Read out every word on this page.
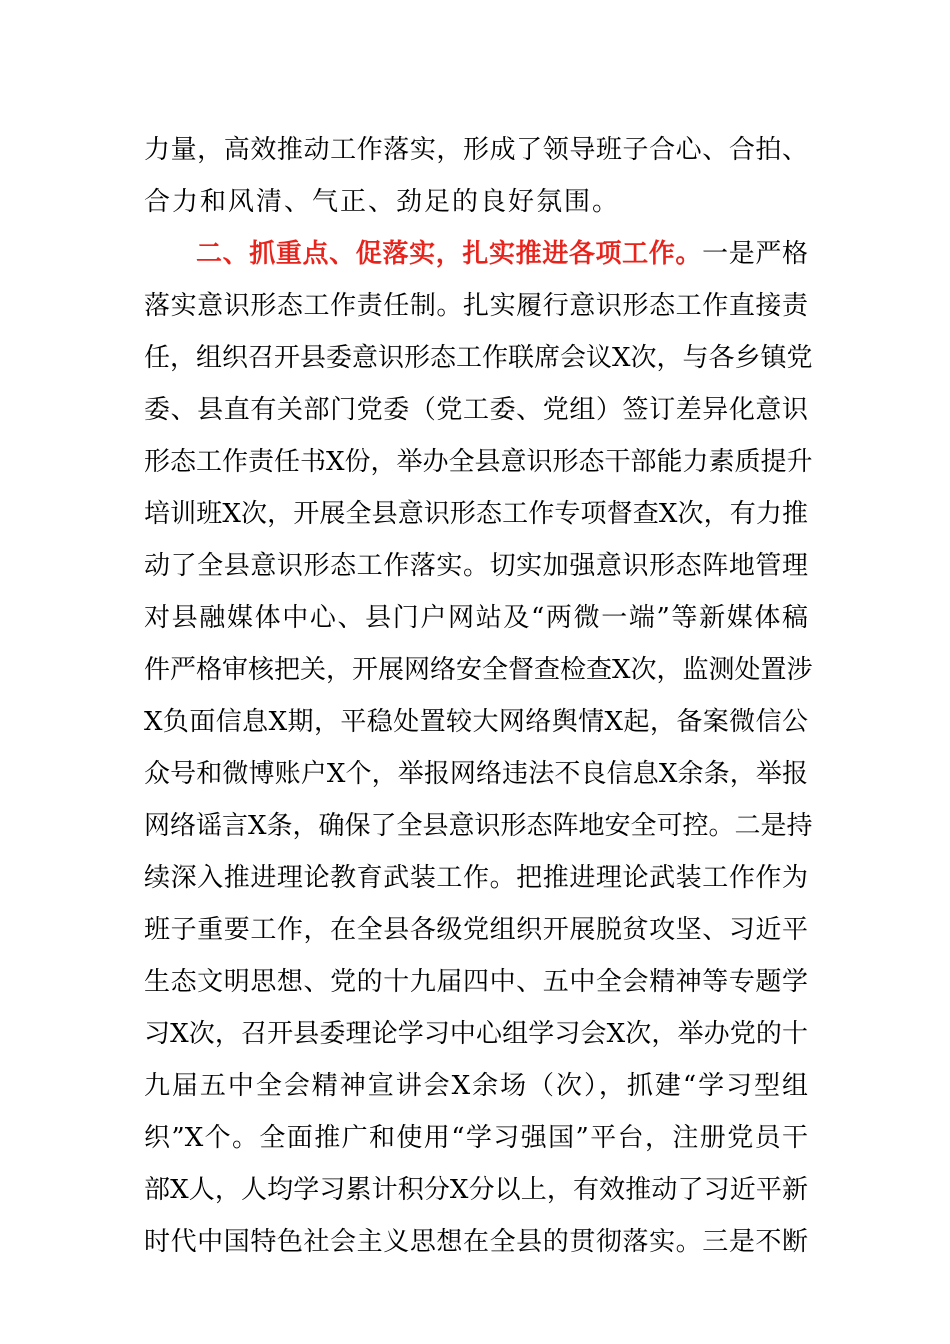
力量，高效推动工作落实，形成了领导班子合心、合拍、
合力和风清、气正、劲足的良好氛围。
二、抓重点、促落实，扎实推进各项工作。一是严格
落实意识形态工作责任制。扎实履行意识形态工作直接责
任，组织召开县委意识形态工作联席会议X次，与各乡镇党
委、县直有关部门党委（党工委、党组）签订差异化意识
形态工作责任书X份，举办全县意识形态干部能力素质提升
培训班X次，开展全县意识形态工作专项督查X次，有力推
动了全县意识形态工作落实。切实加强意识形态阵地管理
对县融媒体中心、县门户网站及“两微一端”等新媒体稿
件严格审核把关，开展网络安全督查检查X次，监测处置涉
X负面信息X期，平稳处置较大网络舆情X起，备案微信公
众号和微博账户X个，举报网络违法不良信息X余条，举报
网络谣言X条，确保了全县意识形态阵地安全可控。二是持
续深入推进理论教育武装工作。把推进理论武装工作作为
班子重要工作，在全县各级党组织开展脱贫攻坚、习近平
生态文明思想、党的十九届四中、五中全会精神等专题学
习X次，召开县委理论学习中心组学习会X次，举办党的十
九届五中全会精神宣讲会X余场（次），抓建“学习型组
织”X个。全面推广和使用“学习强国”平台，注册党员干
部X人，人均学习累计积分X分以上，有效推动了习近平新
时代中国特色社会主义思想在全县的贯彻落实。三是不断
